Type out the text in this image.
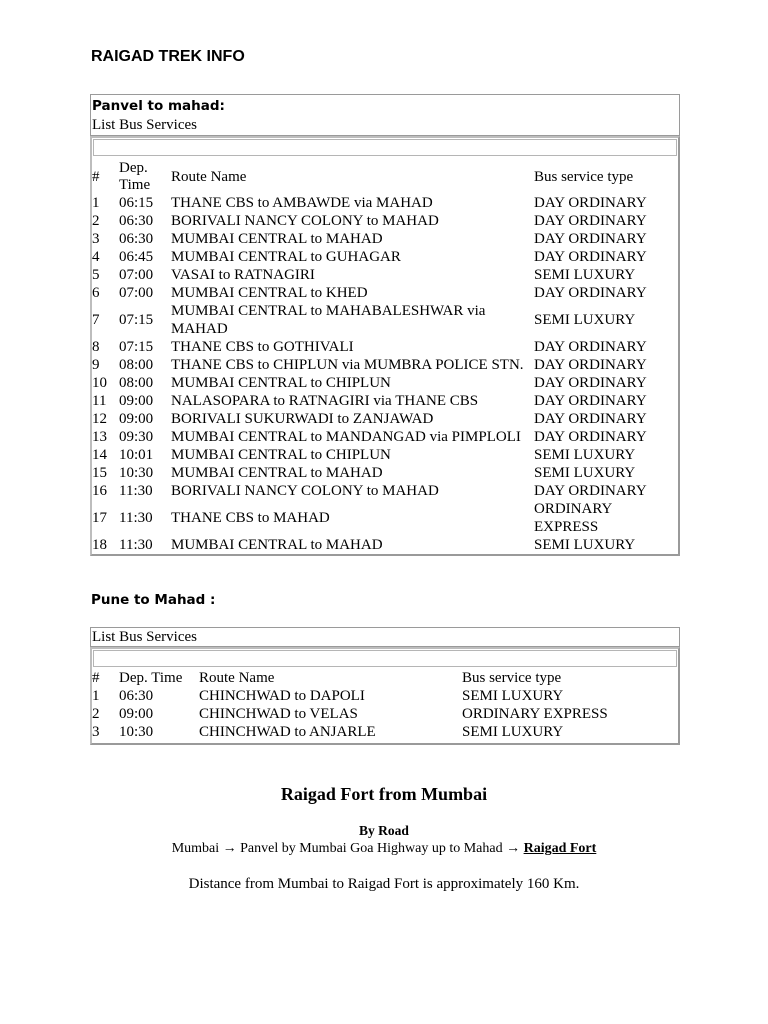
RAIGAD TREK INFO
Panvel to mahad:
List Bus Services
#	Dep. Time	Route Name	Bus service type
1	06:15	THANE CBS to AMBAWDE via MAHAD	DAY ORDINARY
2	06:30	BORIVALI NANCY COLONY to MAHAD	DAY ORDINARY
3	06:30	MUMBAI CENTRAL to MAHAD	DAY ORDINARY
4	06:45	MUMBAI CENTRAL to GUHAGAR	DAY ORDINARY
5	07:00	VASAI to RATNAGIRI	SEMI LUXURY
6	07:00	MUMBAI CENTRAL to KHED	DAY ORDINARY
7	07:15	MUMBAI CENTRAL to MAHABALESHWAR via MAHAD	SEMI LUXURY
8	07:15	THANE CBS to GOTHIVALI	DAY ORDINARY
9	08:00	THANE CBS to CHIPLUN via MUMBRA POLICE STN.	DAY ORDINARY
10	08:00	MUMBAI CENTRAL to CHIPLUN	DAY ORDINARY
11	09:00	NALASOPARA to RATNAGIRI via THANE CBS	DAY ORDINARY
12	09:00	BORIVALI SUKURWADI to ZANJAWAD	DAY ORDINARY
13	09:30	MUMBAI CENTRAL to MANDANGAD via PIMPLOLI	DAY ORDINARY
14	10:01	MUMBAI CENTRAL to CHIPLUN	SEMI LUXURY
15	10:30	MUMBAI CENTRAL to MAHAD	SEMI LUXURY
16	11:30	BORIVALI NANCY COLONY to MAHAD	DAY ORDINARY
17	11:30	THANE CBS to MAHAD	ORDINARY EXPRESS
18	11:30	MUMBAI CENTRAL to MAHAD	SEMI LUXURY
Pune to Mahad :
List Bus Services
#	Dep. Time	Route Name	Bus service type
1	06:30	CHINCHWAD to DAPOLI	SEMI LUXURY
2	09:00	CHINCHWAD to VELAS	ORDINARY EXPRESS
3	10:30	CHINCHWAD to ANJARLE	SEMI LUXURY
Raigad Fort from Mumbai
By Road
Mumbai → Panvel by Mumbai Goa Highway up to Mahad → Raigad Fort
Distance from Mumbai to Raigad Fort is approximately 160 Km.
